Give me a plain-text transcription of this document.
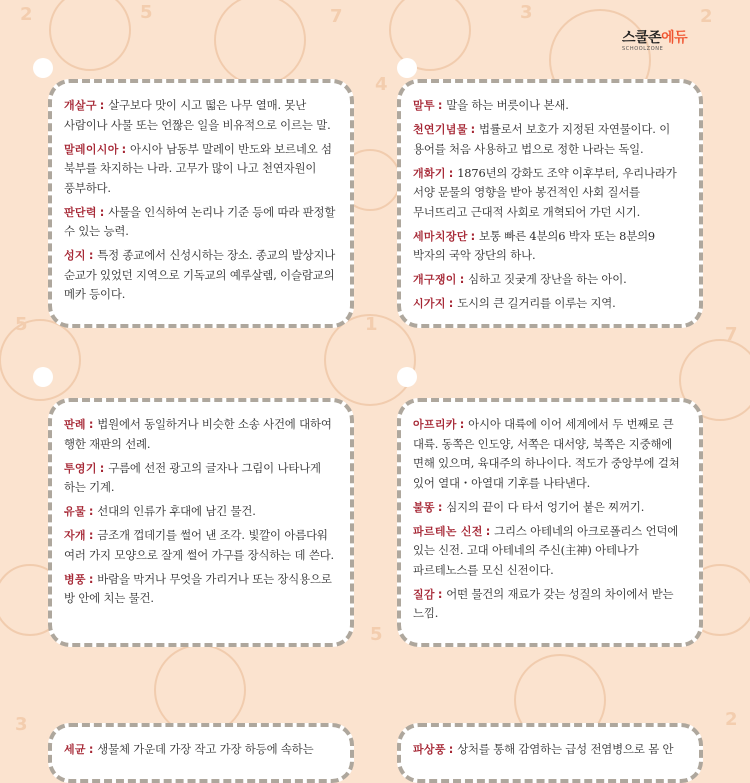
2	5	7	3	2
5	1	7
5
3	2
4
스쿨존에듀
SCHOOLZONE
개살구 : 살구보다 맛이 시고 떫은 나무 열매. 못난 사람이나 사물 또는 언짢은 일을 비유적으로 이르는 말.
말레이시아 : 아시아 남동부 말레이 반도와 보르네오 섬 북부를 차지하는 나라. 고무가 많이 나고 천연자원이 풍부하다.
판단력 : 사물을 인식하여 논리나 기준 등에 따라 판정할 수 있는 능력.
성지 : 특정 종교에서 신성시하는 장소. 종교의 발상지나 순교가 있었던 지역으로 기독교의 예루살렘, 이슬람교의 메카 등이다.
말투 : 말을 하는 버릇이나 본새.
천연기념물 : 법률로서 보호가 지정된 자연물이다. 이 용어를 처음 사용하고 법으로 정한 나라는 독일.
개화기 : 1876년의 강화도 조약 이후부터, 우리나라가 서양 문물의 영향을 받아 봉건적인 사회 질서를 무너뜨리고 근대적 사회로 개혁되어 가던 시기.
세마치장단 : 보통 빠른 4분의6 박자 또는 8분의9 박자의 국악 장단의 하나.
개구쟁이 : 심하고 짓궂게 장난을 하는 아이.
시가지 : 도시의 큰 길거리를 이루는 지역.
판례 : 법원에서 동일하거나 비슷한 소송 사건에 대하여 행한 재판의 선례.
투영기 : 구름에 선전 광고의 글자나 그림이 나타나게 하는 기계.
유물 : 선대의 인류가 후대에 남긴 물건.
자개 : 금조개 껍데기를 썰어 낸 조각. 빛깔이 아름다워 여러 가지 모양으로 잘게 썰어 가구를 장식하는 데 쓴다.
병풍 : 바람을 막거나 무엇을 가리거나 또는 장식용으로 방 안에 치는 물건.
아프리카 : 아시아 대륙에 이어 세계에서 두 번째로 큰 대륙. 동쪽은 인도양, 서쪽은 대서양, 북쪽은 지중해에 면해 있으며, 육대주의 하나이다. 적도가 중앙부에 걸쳐 있어 열대・아열대 기후를 나타낸다.
불똥 : 심지의 끝이 다 타서 엉기어 붙은 찌꺼기.
파르테논 신전 : 그리스 아테네의 아크로폴리스 언덕에 있는 신전. 고대 아테네의 주신(主神) 아테나가 파르테노스를 모신 신전이다.
질감 : 어떤 물건의 재료가 갖는 성질의 차이에서 받는 느낌.
세균 : 생물체 가운데 가장 작고 가장 하등에 속하는	파상풍 : 상처를 통해 감염하는 급성 전염병으로 몸 안
